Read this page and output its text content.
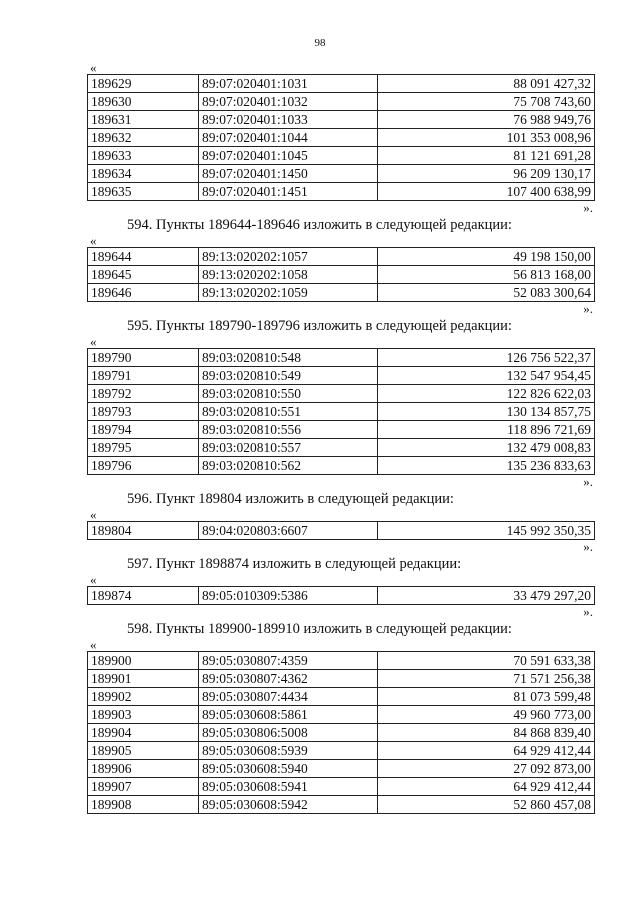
98
«
189629	89:07:020401:1031	88 091 427,32
189630	89:07:020401:1032	75 708 743,60
189631	89:07:020401:1033	76 988 949,76
189632	89:07:020401:1044	101 353 008,96
189633	89:07:020401:1045	81 121 691,28
189634	89:07:020401:1450	96 209 130,17
189635	89:07:020401:1451	107 400 638,99
».
594. Пункты 189644-189646 изложить в следующей редакции:
«
189644	89:13:020202:1057	49 198 150,00
189645	89:13:020202:1058	56 813 168,00
189646	89:13:020202:1059	52 083 300,64
».
595. Пункты 189790-189796 изложить в следующей редакции:
«
189790	89:03:020810:548	126 756 522,37
189791	89:03:020810:549	132 547 954,45
189792	89:03:020810:550	122 826 622,03
189793	89:03:020810:551	130 134 857,75
189794	89:03:020810:556	118 896 721,69
189795	89:03:020810:557	132 479 008,83
189796	89:03:020810:562	135 236 833,63
».
596. Пункт 189804 изложить в следующей редакции:
«
189804	89:04:020803:6607	145 992 350,35
».
597. Пункт 1898874 изложить в следующей редакции:
«
189874	89:05:010309:5386	33 479 297,20
».
598. Пункты 189900-189910 изложить в следующей редакции:
«
189900	89:05:030807:4359	70 591 633,38
189901	89:05:030807:4362	71 571 256,38
189902	89:05:030807:4434	81 073 599,48
189903	89:05:030608:5861	49 960 773,00
189904	89:05:030806:5008	84 868 839,40
189905	89:05:030608:5939	64 929 412,44
189906	89:05:030608:5940	27 092 873,00
189907	89:05:030608:5941	64 929 412,44
189908	89:05:030608:5942	52 860 457,08
